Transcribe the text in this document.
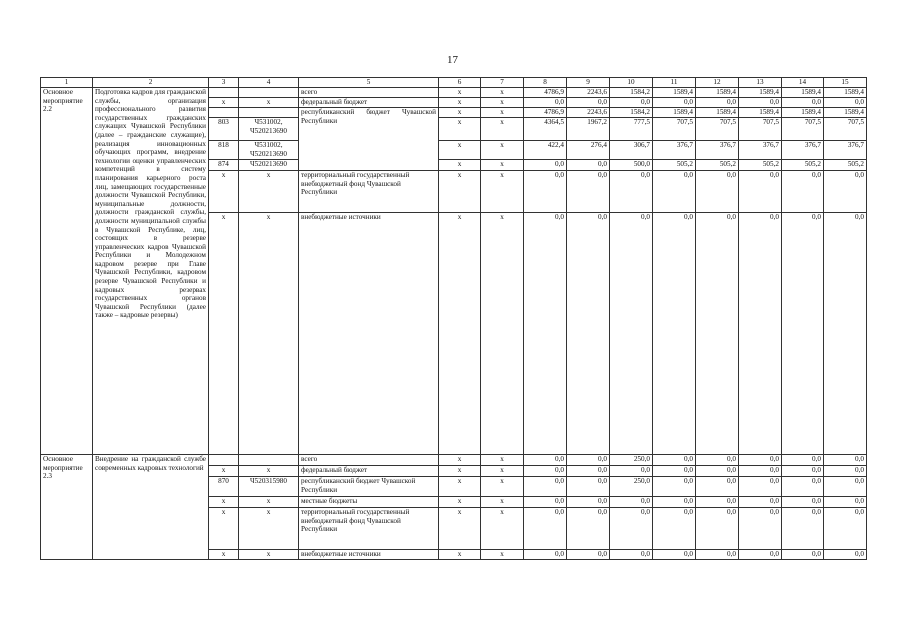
17
1	2	3	4	5	6	7	8	9	10	11	12	13	14	15
Основное мероприятие 2.2	Подготовка кадров для гражданской службы, организация профессионального развития государственных гражданских служащих Чувашской Республики (далее – гражданские служащие), реализация инновационных обучающих программ, внедрение технологии оценки управленческих компетенций в систему планирования карьерного роста лиц, замещающих государственные должности Чувашской Республики, муниципальные должности, должности гражданской службы, должности муниципальной службы в Чувашской Республике, лиц, состоящих в резерве управленческих кадров Чувашской Республики и Молодежном кадровом резерве при Главе Чувашской Республики, кадровом резерве Чувашской Республики и кадровых резервах государственных органов Чувашской Республики (далее также – кадровые резервы)			всего	x	x	4786,9	2243,6	1584,2	1589,4	1589,4	1589,4	1589,4	1589,4
		x	x	федеральный бюджет	x	x	0,0	0,0	0,0	0,0	0,0	0,0	0,0	0,0
				республиканский бюджет Чувашской Республики	x	x	4786,9	2243,6	1584,2	1589,4	1589,4	1589,4	1589,4	1589,4
		803	Ч531002, Ч520213690		x	x	4364,5	1967,2	777,5	707,5	707,5	707,5	707,5	707,5
		818	Ч531002, Ч520213690		x	x	422,4	276,4	306,7	376,7	376,7	376,7	376,7	376,7
		874	Ч520213690		x	x	0,0	0,0	500,0	505,2	505,2	505,2	505,2	505,2
		x	x	территориальный государственный внебюджетный фонд Чувашской Республики	x	x	0,0	0,0	0,0	0,0	0,0	0,0	0,0	0,0
		x	x	внебюджетные источники	x	x	0,0	0,0	0,0	0,0	0,0	0,0	0,0	0,0
Основное мероприятие 2.3	Внедрение на гражданской службе современных кадровых технологий			всего	x	x	0,0	0,0	250,0	0,0	0,0	0,0	0,0	0,0
		x	x	федеральный бюджет	x	x	0,0	0,0	0,0	0,0	0,0	0,0	0,0	0,0
		870	Ч520315980	республиканский бюджет Чувашской Республики	x	x	0,0	0,0	250,0	0,0	0,0	0,0	0,0	0,0
		x	x	местные бюджеты	x	x	0,0	0,0	0,0	0,0	0,0	0,0	0,0	0,0
		x	x	территориальный государственный внебюджетный фонд Чувашской Республики	x	x	0,0	0,0	0,0	0,0	0,0	0,0	0,0	0,0
		x	x	внебюджетные источники	x	x	0,0	0,0	0,0	0,0	0,0	0,0	0,0	0,0
